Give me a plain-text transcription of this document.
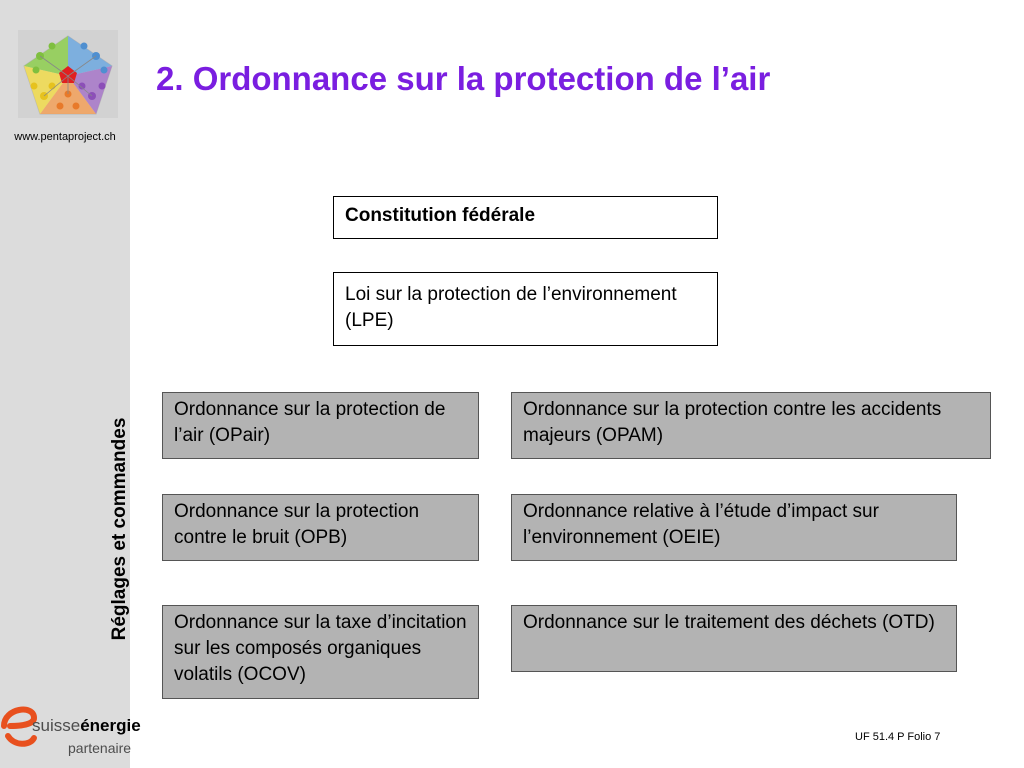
www.pentaproject.ch
Réglages et commandes
suisseénergie
partenaire
2. Ordonnance sur la protection de l’air
Constitution fédérale
Loi sur la protection de l’environnement (LPE)
Ordonnance sur la protection de l’air (OPair)
Ordonnance sur la protection contre les accidents majeurs (OPAM)
Ordonnance sur la protection contre le bruit (OPB)
Ordonnance relative à l’étude d’impact sur l’environnement (OEIE)
Ordonnance sur la taxe d’incitation sur les composés organiques volatils (OCOV)
Ordonnance sur le traitement des déchets (OTD)
UF 51.4 P Folio 7
